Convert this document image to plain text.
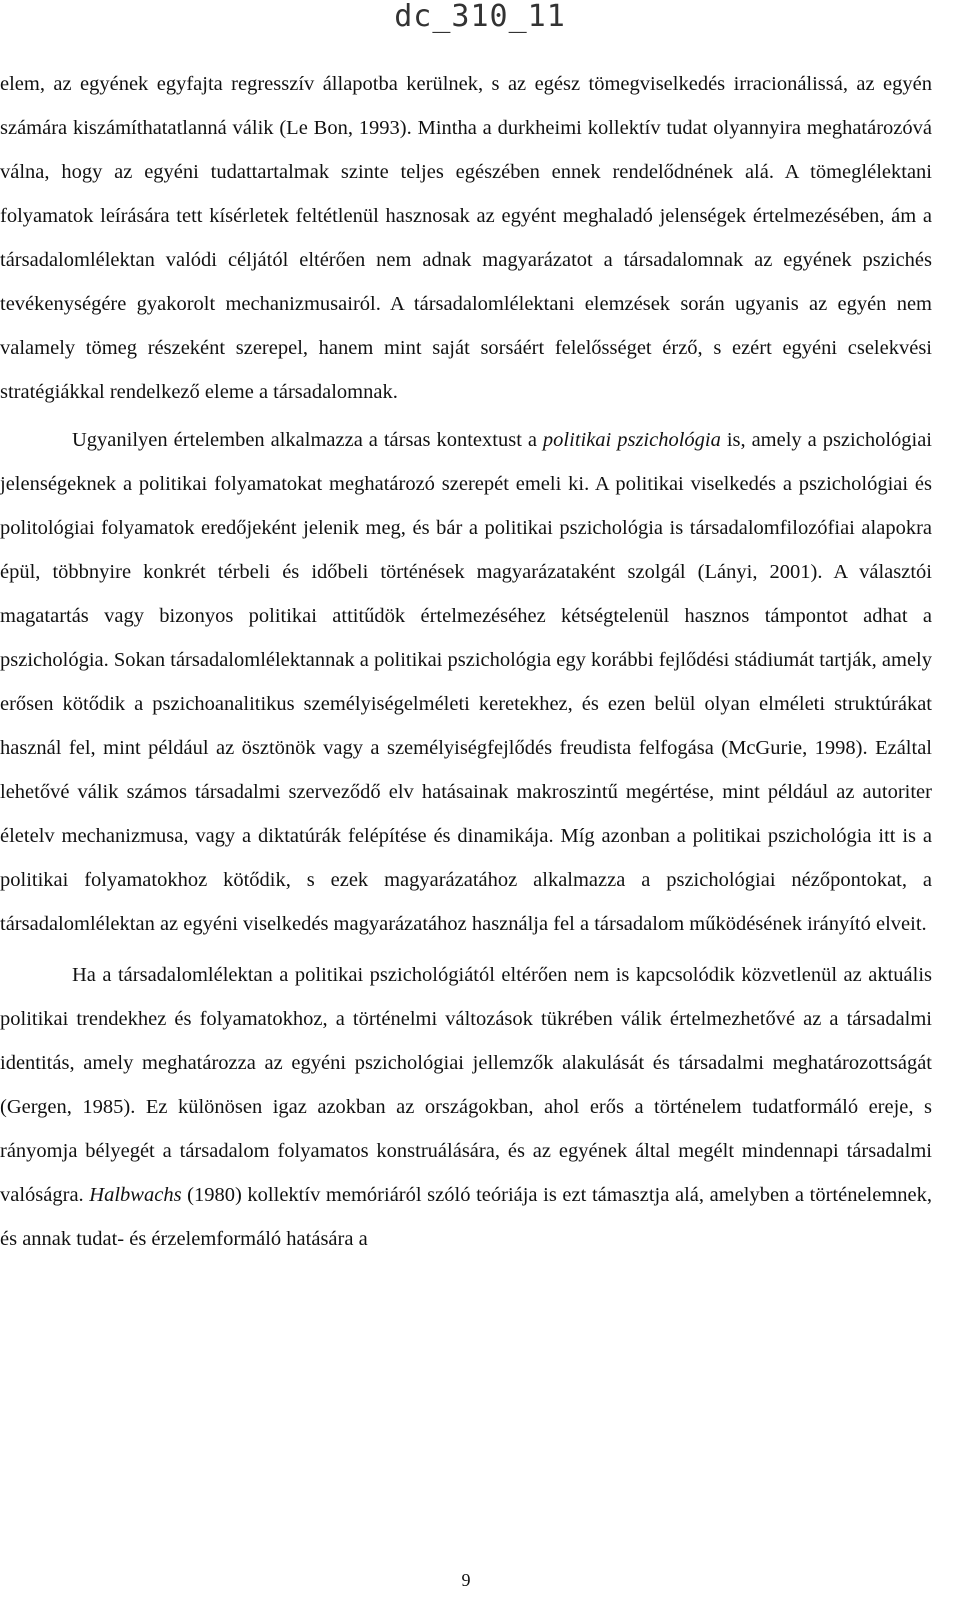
dc_310_11

elem, az egyének egyfajta regresszív állapotba kerülnek, s az egész tömegviselkedés irracionálissá, az egyén számára kiszámíthatatlanná válik (Le Bon, 1993). Mintha a durkheimi kollektív tudat olyannyira meghatározóvá válna, hogy az egyéni tudattartalmak szinte teljes egészében ennek rendelődnének alá. A tömeglélektani folyamatok leírására tett kísérletek feltétlenül hasznosak az egyént meghaladó jelenségek értelmezésében, ám a társadalomlélektan valódi céljától eltérően nem adnak magyarázatot a társadalomnak az egyének pszichés tevékenységére gyakorolt mechanizmusairól. A társadalomlélektani elemzések során ugyanis az egyén nem valamely tömeg részeként szerepel, hanem mint saját sorsáért felelősséget érző, s ezért egyéni cselekvési stratégiákkal rendelkező eleme a társadalomnak.

Ugyanilyen értelemben alkalmazza a társas kontextust a politikai pszichológia is, amely a pszichológiai jelenségeknek a politikai folyamatokat meghatározó szerepét emeli ki. A politikai viselkedés a pszichológiai és politológiai folyamatok eredőjeként jelenik meg, és bár a politikai pszichológia is társadalomfilozófiai alapokra épül, többnyire konkrét térbeli és időbeli történések magyarázataként szolgál (Lányi, 2001). A választói magatartás vagy bizonyos politikai attitűdök értelmezéséhez kétségtelenül hasznos támpontot adhat a pszichológia. Sokan társadalomlélektannak a politikai pszichológia egy korábbi fejlődési stádiumát tartják, amely erősen kötődik a pszichoanalitikus személyiségelméleti keretekhez, és ezen belül olyan elméleti struktúrákat használ fel, mint például az ösztönök vagy a személyiségfejlődés freudista felfogása (McGurie, 1998). Ezáltal lehetővé válik számos társadalmi szerveződő elv hatásainak makroszintű megértése, mint például az autoriter életelv mechanizmusa, vagy a diktatúrák felépítése és dinamikája. Míg azonban a politikai pszichológia itt is a politikai folyamatokhoz kötődik, s ezek magyarázatához alkalmazza a pszichológiai nézőpontokat, a társadalomlélektan az egyéni viselkedés magyarázatához használja fel a társadalom működésének irányító elveit.

Ha a társadalomlélektan a politikai pszichológiától eltérően nem is kapcsolódik közvetlenül az aktuális politikai trendekhez és folyamatokhoz, a történelmi változások tükrében válik értelmezhetővé az a társadalmi identitás, amely meghatározza az egyéni pszichológiai jellemzők alakulását és társadalmi meghatározottságát (Gergen, 1985). Ez különösen igaz azokban az országokban, ahol erős a történelem tudatformáló ereje, s rányomja bélyegét a társadalom folyamatos konstruálására, és az egyének által megélt mindennapi társadalmi valóságra. Halbwachs (1980) kollektív memóriáról szóló teóriája is ezt támasztja alá, amelyben a történelemnek, és annak tudat- és érzelemformáló hatására a

9
